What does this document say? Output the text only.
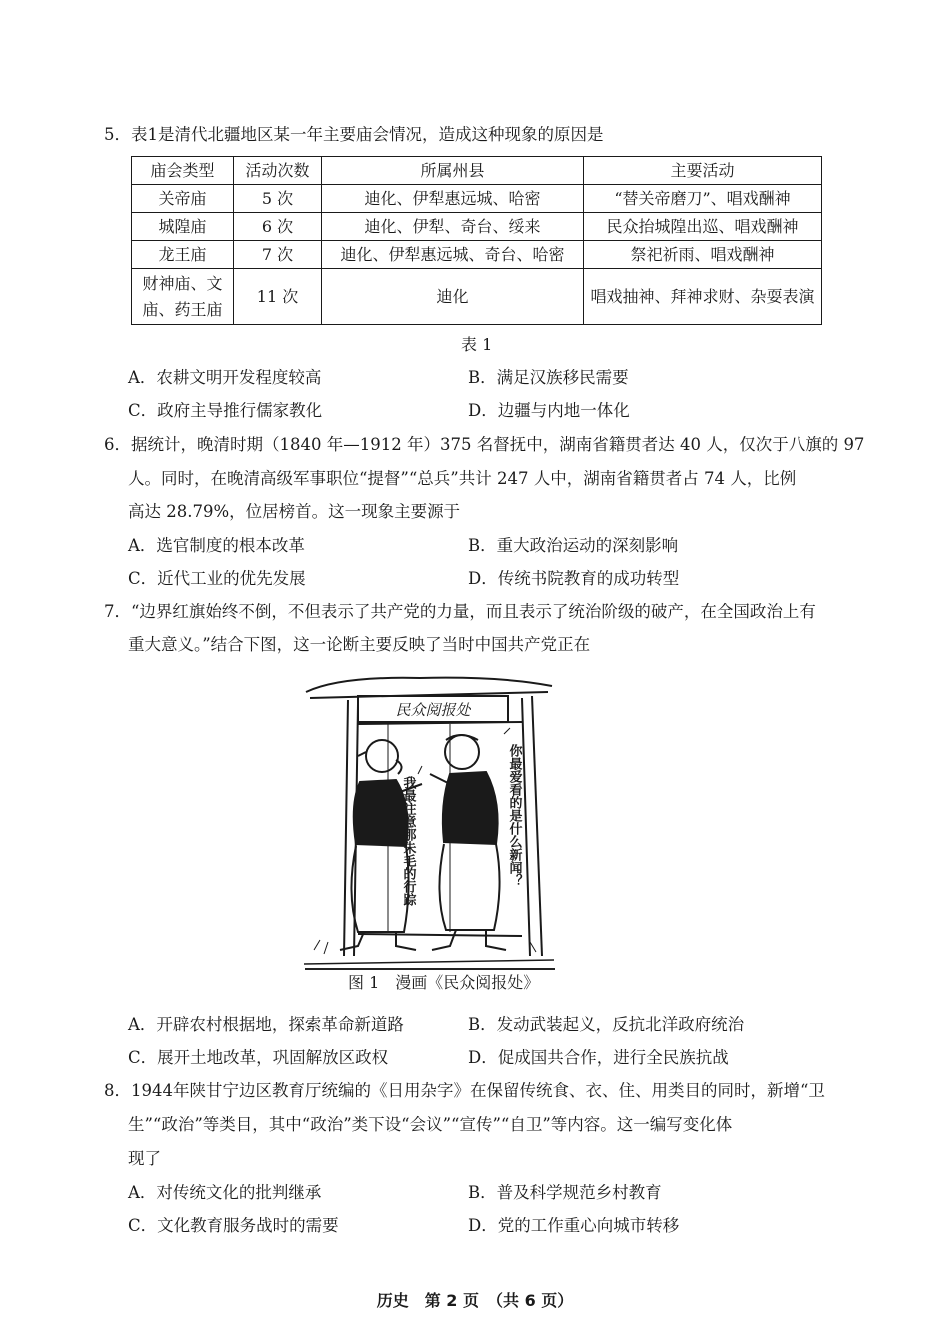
5．表1是清代北疆地区某一年主要庙会情况，造成这种现象的原因是
庙会类型	活动次数	所属州县	主要活动
关帝庙	5 次	迪化、伊犁惠远城、哈密	“替关帝磨刀”、唱戏酬神
城隍庙	6 次	迪化、伊犁、奇台、绥来	民众抬城隍出巡、唱戏酬神
龙王庙	7 次	迪化、伊犁惠远城、奇台、哈密	祭祀祈雨、唱戏酬神
财神庙、文庙、药王庙	11 次	迪化	唱戏抽神、拜神求财、杂耍表演
表 1
A．农耕文明开发程度较高	B．满足汉族移民需要
C．政府主导推行儒家教化	D．边疆与内地一体化
6．据统计，晚清时期（1840 年—1912 年）375 名督抚中，湖南省籍贯者达 40 人，仅次于八旗的 97
人。同时，在晚清高级军事职位“提督”“总兵”共计 247 人中，湖南省籍贯者占 74 人，比例
高达 28.79%，位居榜首。这一现象主要源于
A．选官制度的根本改革	B．重大政治运动的深刻影响
C．近代工业的优先发展	D．传统书院教育的成功转型
7．“边界红旗始终不倒，不但表示了共产党的力量，而且表示了统治阶级的破产，在全国政治上有
重大意义。”结合下图，这一论断主要反映了当时中国共产党正在
民众阅报处
我最注意那朱毛的行踪	你最爱看的是什么新闻？
图 1　漫画《民众阅报处》
A．开辟农村根据地，探索革命新道路	B．发动武装起义，反抗北洋政府统治
C．展开土地改革，巩固解放区政权	D．促成国共合作，进行全民族抗战
8．1944年陕甘宁边区教育厅统编的《日用杂字》在保留传统食、衣、住、用类目的同时，新增“卫
生”“政治”等类目，其中“政治”类下设“会议”“宣传”“自卫”等内容。这一编写变化体
现了
A．对传统文化的批判继承	B．普及科学规范乡村教育
C．文化教育服务战时的需要	D．党的工作重心向城市转移
历史　第 2 页　（共 6 页）
